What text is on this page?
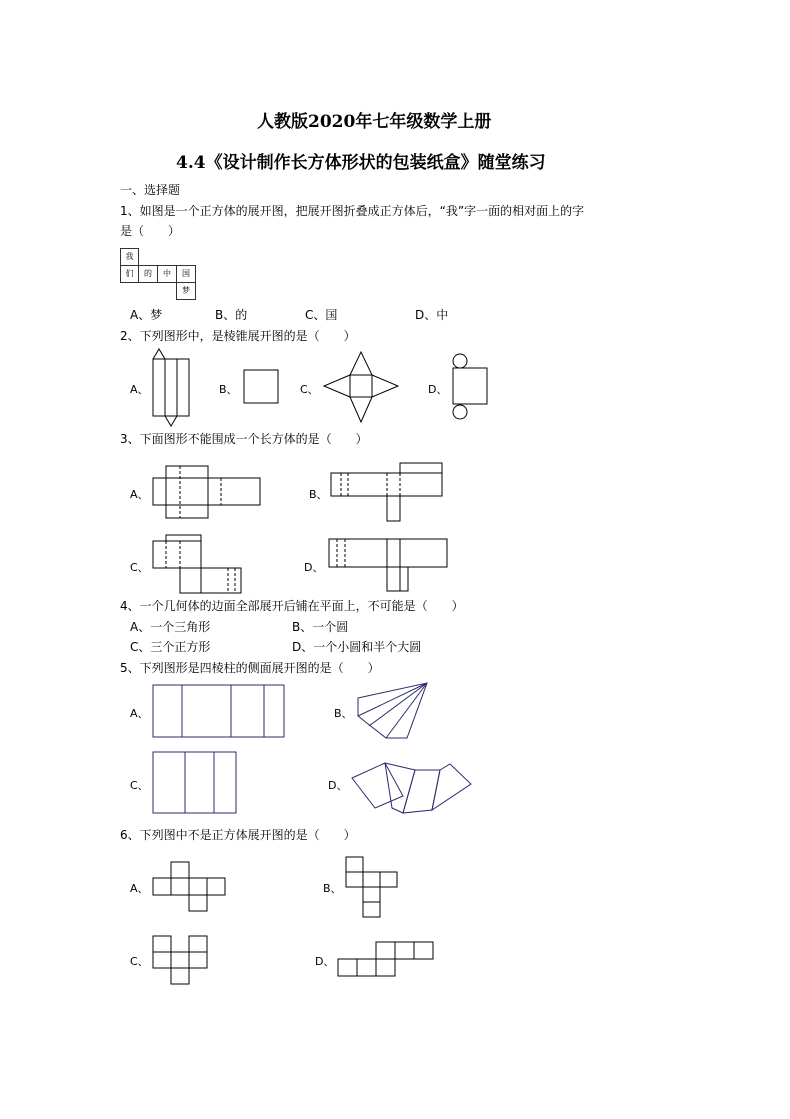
人教版2020年七年级数学上册
4.4《设计制作长方体形状的包装纸盒》随堂练习
一、选择题
1、如图是一个正方体的展开图，把展开图折叠成正方体后，“我”字一面的相对面上的字
是（　　）
我
们	的	中	国
梦
A、梦	B、的	C、国	D、中
2、下列图形中，是棱锥展开图的是（　　）
A、	B、	C、	D、
3、下面图形不能围成一个长方体的是（　　）
A、	B、
C、	D、
4、一个几何体的边面全部展开后铺在平面上，不可能是（　　）
A、一个三角形	B、一个圆
C、三个正方形	D、一个小圆和半个大圆
5、下列图形是四棱柱的侧面展开图的是（　　）
A、	B、
C、	D、
6、下列图中不是正方体展开图的是（　　）
A、	B、
C、	D、
